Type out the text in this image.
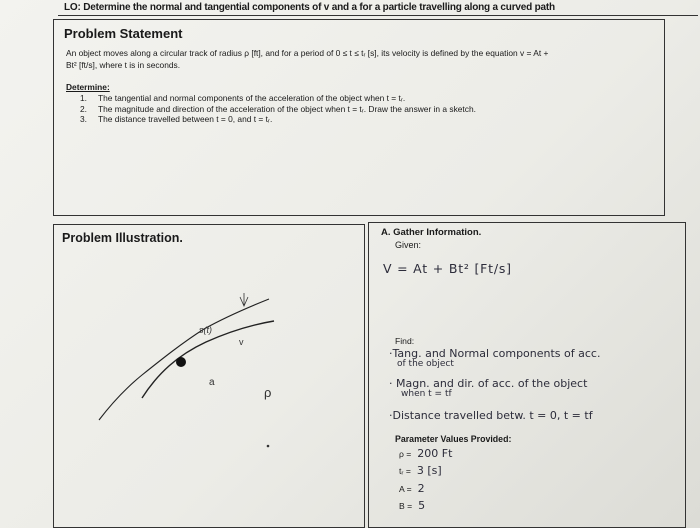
LO: Determine the normal and tangential components of v and a for a particle travelling along a curved path
Problem Statement
An object moves along a circular track of radius ρ [ft], and for a period of 0 ≤ t ≤ tᵣ [s], its velocity is defined by the equation v = At +
Bt² [ft/s], where t is in seconds.
Determine:
1. The tangential and normal components of the acceleration of the object when t = tᵣ.
2. The magnitude and direction of the acceleration of the object when t = tᵣ. Draw the answer in a sketch.
3. The distance travelled between t = 0, and t = tᵣ.
Problem Illustration.
s(t)
v
a
ρ
A. Gather Information.
Given:
V = At + Bt² [Ft/s]
Find:
·Tang. and Normal components of acc.
of the object
· Magn. and dir. of acc. of the object
when t = tf
·Distance travelled betw. t = 0, t = tf
Parameter Values Provided:
ρ = 200 Ft
tᵣ = 3 [s]
A = 2
B = 5
